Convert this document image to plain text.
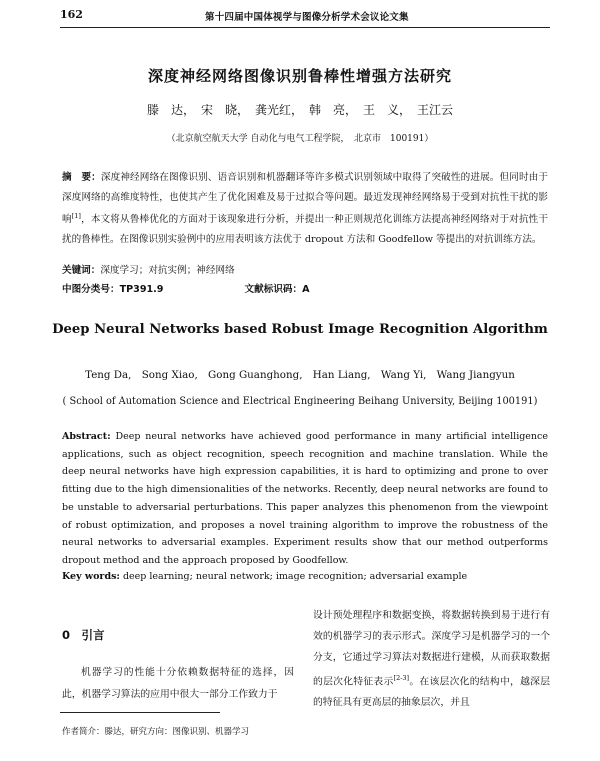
162	第十四届中国体视学与图像分析学术会议论文集
深度神经网络图像识别鲁棒性增强方法研究
滕　达，　宋　晓，　龚光红，　韩　亮，　王　义，　王江云
（北京航空航天大学 自动化与电气工程学院，　北京市　100191）
摘　要：深度神经网络在图像识别、语音识别和机器翻译等许多模式识别领域中取得了突破性的进展。但同时由于深度网络的高维度特性，也使其产生了优化困难及易于过拟合等问题。最近发现神经网络易于受到对抗性干扰的影响[1]，本文将从鲁棒优化的方面对于该现象进行分析，并提出一种正则规范化训练方法提高神经网络对于对抗性干扰的鲁棒性。在图像识别实验例中的应用表明该方法优于 dropout 方法和 Goodfellow 等提出的对抗训练方法。
关键词：深度学习；对抗实例；神经网络
中图分类号：TP391.9	文献标识码：A
Deep Neural Networks based Robust Image Recognition Algorithm
Teng Da,　Song Xiao,　Gong Guanghong,　Han Liang,　Wang Yi,　Wang Jiangyun
( School of Automation Science and Electrical Engineering Beihang University, Beijing 100191)
Abstract: Deep neural networks have achieved good performance in many artificial intelligence applications, such as object recognition, speech recognition and machine translation. While the deep neural networks have high expression capabilities, it is hard to optimizing and prone to over fitting due to the high dimensionalities of the networks. Recently, deep neural networks are found to be unstable to adversarial perturbations. This paper analyzes this phenomenon from the viewpoint of robust optimization, and proposes a novel training algorithm to improve the robustness of the neural networks to adversarial examples. Experiment results show that our method outperforms dropout method and the approach proposed by Goodfellow.
Key words: deep learning; neural network; image recognition; adversarial example
0　引言
机器学习的性能十分依赖数据特征的选择，因此，机器学习算法的应用中很大一部分工作致力于
设计预处理程序和数据变换，将数据转换到易于进行有效的机器学习的表示形式。深度学习是机器学习的一个分支，它通过学习算法对数据进行建模，从而获取数据的层次化特征表示[2-3]。在该层次化的结构中，越深层的特征具有更高层的抽象层次，并且
作者简介：滕达，研究方向：图像识别、机器学习
